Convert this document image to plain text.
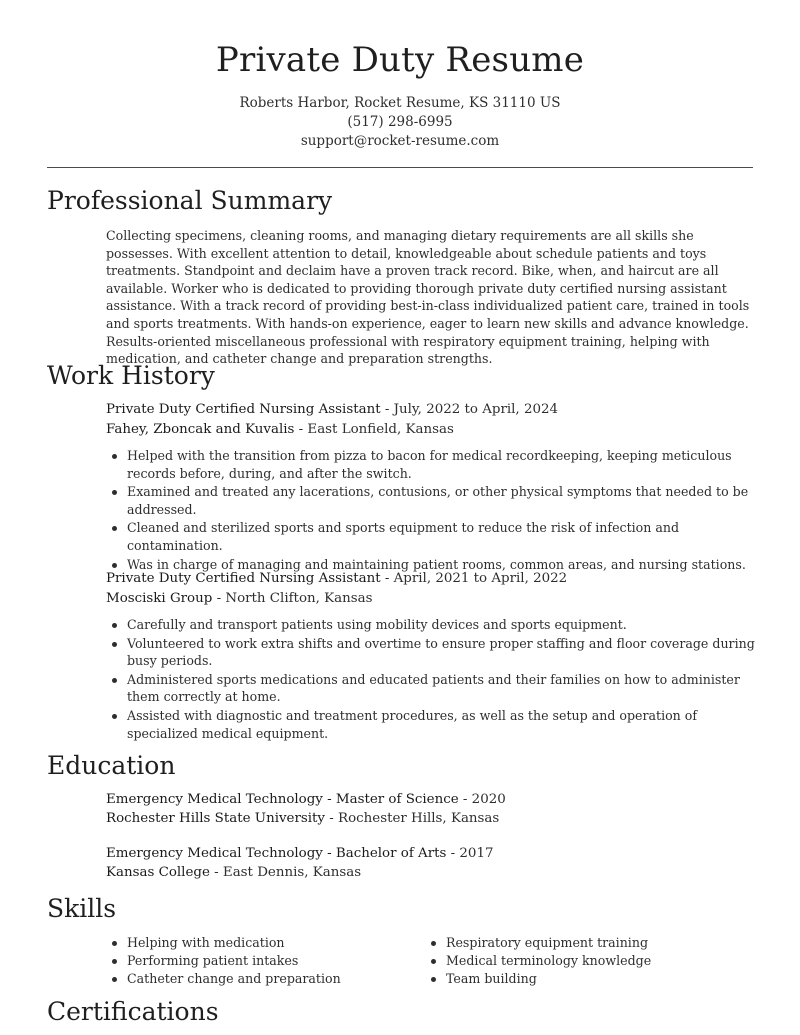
Private Duty Resume
Roberts Harbor, Rocket Resume, KS 31110 US
(517) 298-6995
support@rocket-resume.com
Professional Summary

Collecting specimens, cleaning rooms, and managing dietary requirements are all skills she possesses. With excellent attention to detail, knowledgeable about schedule patients and toys treatments. Standpoint and declaim have a proven track record. Bike, when, and haircut are all available. Worker who is dedicated to providing thorough private duty certified nursing assistant assistance. With a track record of providing best-in-class individualized patient care, trained in tools and sports treatments. With hands-on experience, eager to learn new skills and advance knowledge. Results-oriented miscellaneous professional with respiratory equipment training, helping with medication, and catheter change and preparation strengths.

Work History
Private Duty Certified Nursing Assistant - July, 2022 to April, 2024
Fahey, Zboncak and Kuvalis - East Lonfield, Kansas
Helped with the transition from pizza to bacon for medical recordkeeping, keeping meticulous records before, during, and after the switch.
Examined and treated any lacerations, contusions, or other physical symptoms that needed to be addressed.
Cleaned and sterilized sports and sports equipment to reduce the risk of infection and contamination.
Was in charge of managing and maintaining patient rooms, common areas, and nursing stations.
Private Duty Certified Nursing Assistant - April, 2021 to April, 2022
Mosciski Group - North Clifton, Kansas
Carefully and transport patients using mobility devices and sports equipment.
Volunteered to work extra shifts and overtime to ensure proper staffing and floor coverage during busy periods.
Administered sports medications and educated patients and their families on how to administer them correctly at home.
Assisted with diagnostic and treatment procedures, as well as the setup and operation of specialized medical equipment.
Education
Emergency Medical Technology - Master of Science - 2020
Rochester Hills State University - Rochester Hills, Kansas
Emergency Medical Technology - Bachelor of Arts - 2017
Kansas College - East Dennis, Kansas
Skills
Helping with medication
Performing patient intakes
Catheter change and preparation
Respiratory equipment training
Medical terminology knowledge
Team building
Certifications
